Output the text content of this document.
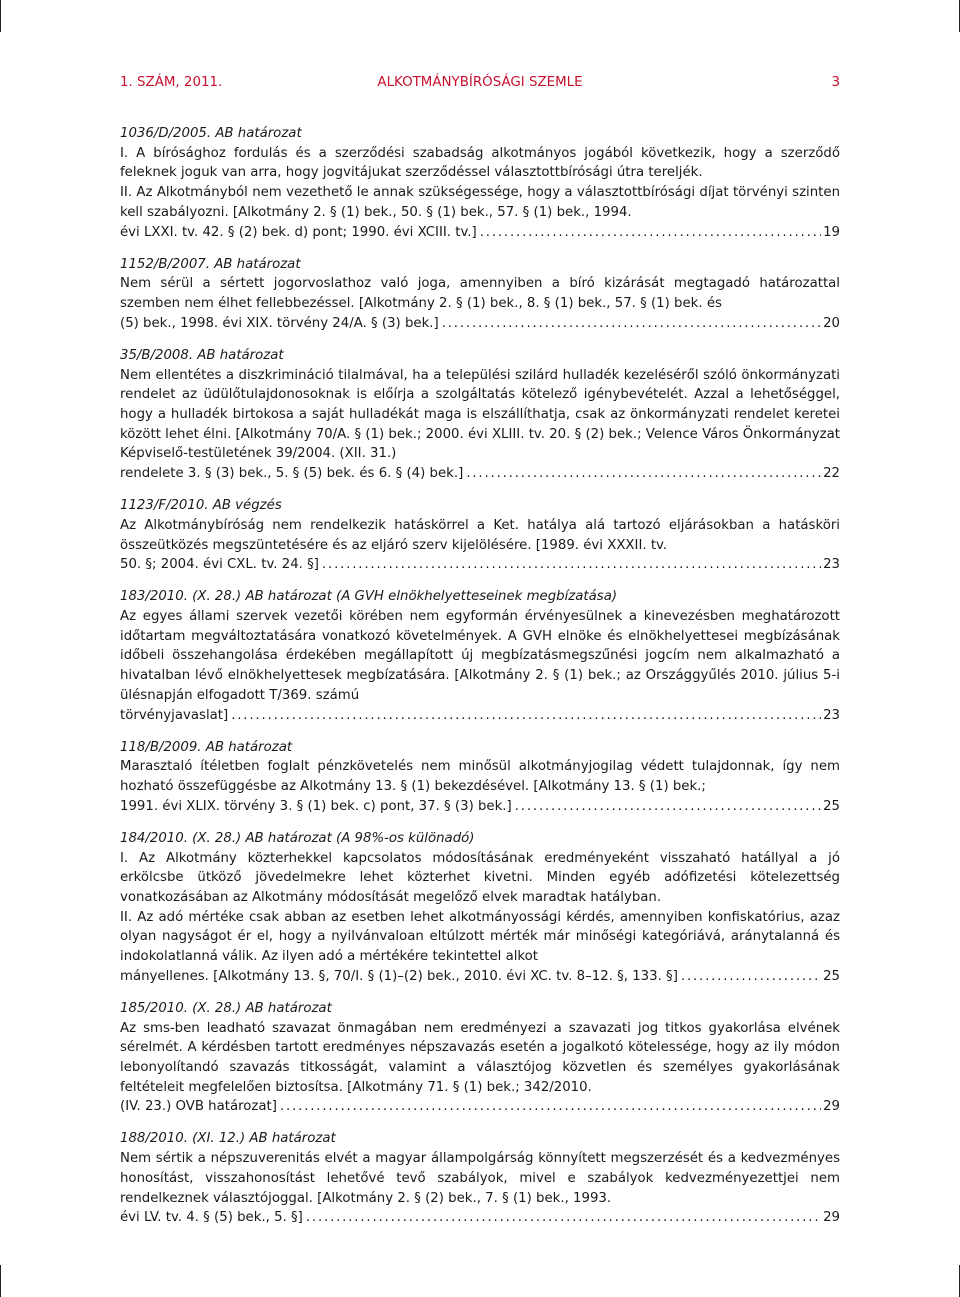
1. SZÁM, 2011.	ALKOTMÁNYBÍRÓSÁGI SZEMLE	3

1036/D/2005. AB határozat

I. A bírósághoz fordulás és a szerződési szabadság alkotmányos jogából következik, hogy a szerződő feleknek joguk van arra, hogy jogvitájukat szerződéssel választottbírósági útra tereljék.

II. Az Alkotmányból nem vezethető le annak szükségessége, hogy a választottbírósági díjat törvényi szinten kell szabályozni. [Alkotmány 2. § (1) bek., 50. § (1) bek., 57. § (1) bek., 1994.

évi LXXI. tv. 42. § (2) bek. d) pont; 1990. évi XCIII. tv.] . . .	19

1152/B/2007. AB határozat

Nem sérül a sértett jogorvoslathoz való joga, amennyiben a bíró kizárását megtagadó határozattal szemben nem élhet fellebbezéssel. [Alkotmány 2. § (1) bek., 8. § (1) bek., 57. § (1) bek. és

(5) bek., 1998. évi XIX. törvény 24/A. § (3) bek.] . . .	20

35/B/2008. AB határozat

Nem ellentétes a diszkrimináció tilalmával, ha a települési szilárd hulladék kezeléséről szóló önkormányzati rendelet az üdülőtulajdonosoknak is előírja a szolgáltatás kötelező igénybevételét. Azzal a lehetőséggel, hogy a hulladék birtokosa a saját hulladékát maga is elszállíthatja, csak az önkormányzati rendelet keretei között lehet élni. [Alkotmány 70/A. § (1) bek.; 2000. évi XLIII. tv. 20. § (2) bek.; Velence Város Önkormányzat Képviselő-testületének 39/2004. (XII. 31.)

rendelete 3. § (3) bek., 5. § (5) bek. és 6. § (4) bek.] . . .	22

1123/F/2010. AB végzés

Az Alkotmánybíróság nem rendelkezik hatáskörrel a Ket. hatálya alá tartozó eljárásokban a hatásköri összeütközés megszüntetésére és az eljáró szerv kijelölésére. [1989. évi XXXII. tv.

50. §; 2004. évi CXL. tv. 24. §] . . .	23

183/2010. (X. 28.) AB határozat (A GVH elnökhelyetteseinek megbízatása)

Az egyes állami szervek vezetői körében nem egyformán érvényesülnek a kinevezésben meghatározott időtartam megváltoztatására vonatkozó követelmények. A GVH elnöke és elnökhelyettesei megbízásának időbeli összehangolása érdekében megállapított új megbízatásmegszűnési jogcím nem alkalmazható a hivatalban lévő elnökhelyettesek megbízatására. [Alkotmány 2. § (1) bek.; az Országgyűlés 2010. július 5-i ülésnapján elfogadott T/369. számú

törvényjavaslat] . . .	23

118/B/2009. AB határozat

Marasztaló ítéletben foglalt pénzkövetelés nem minősül alkotmányjogilag védett tulajdonnak, így nem hozható összefüggésbe az Alkotmány 13. § (1) bekezdésével. [Alkotmány 13. § (1) bek.;

1991. évi XLIX. törvény 3. § (1) bek. c) pont, 37. § (3) bek.] . . .	25

184/2010. (X. 28.) AB határozat (A 98%-os különadó)

I. Az Alkotmány közterhekkel kapcsolatos módosításának eredményeként visszaható hatállyal a jó erkölcsbe ütköző jövedelmekre lehet közterhet kivetni. Minden egyéb adófizetési kötelezettség vonatkozásában az Alkotmány módosítását megelőző elvek maradtak hatályban.

II. Az adó mértéke csak abban az esetben lehet alkotmányossági kérdés, amennyiben konfiskatórius, azaz olyan nagyságot ér el, hogy a nyilvánvaloan eltúlzott mérték már minőségi kategóriává, aránytalanná és indokolatlanná válik. Az ilyen adó a mértékére tekintettel alkot

mányellenes. [Alkotmány 13. §, 70/I. § (1)–(2) bek., 2010. évi XC. tv. 8–12. §, 133. §] . . .	25

185/2010. (X. 28.) AB határozat

Az sms-ben leadható szavazat önmagában nem eredményezi a szavazati jog titkos gyakorlása elvének sérelmét. A kérdésben tartott eredményes népszavazás esetén a jogalkotó kötelessége, hogy az ily módon lebonyolítandó szavazás titkosságát, valamint a választójog közvetlen és személyes gyakorlásának feltételeit megfelelően biztosítsa. [Alkotmány 71. § (1) bek.; 342/2010.

(IV. 23.) OVB határozat] . . .	29

188/2010. (XI. 12.) AB határozat

Nem sértik a népszuverenitás elvét a magyar állampolgárság könnyített megszerzését és a kedvezményes honosítást, visszahonosítást lehetővé tevő szabályok, mivel e szabályok kedvezményezettjei nem rendelkeznek választójoggal. [Alkotmány 2. § (2) bek., 7. § (1) bek., 1993.

évi LV. tv. 4. § (5) bek., 5. §] . . .	29
